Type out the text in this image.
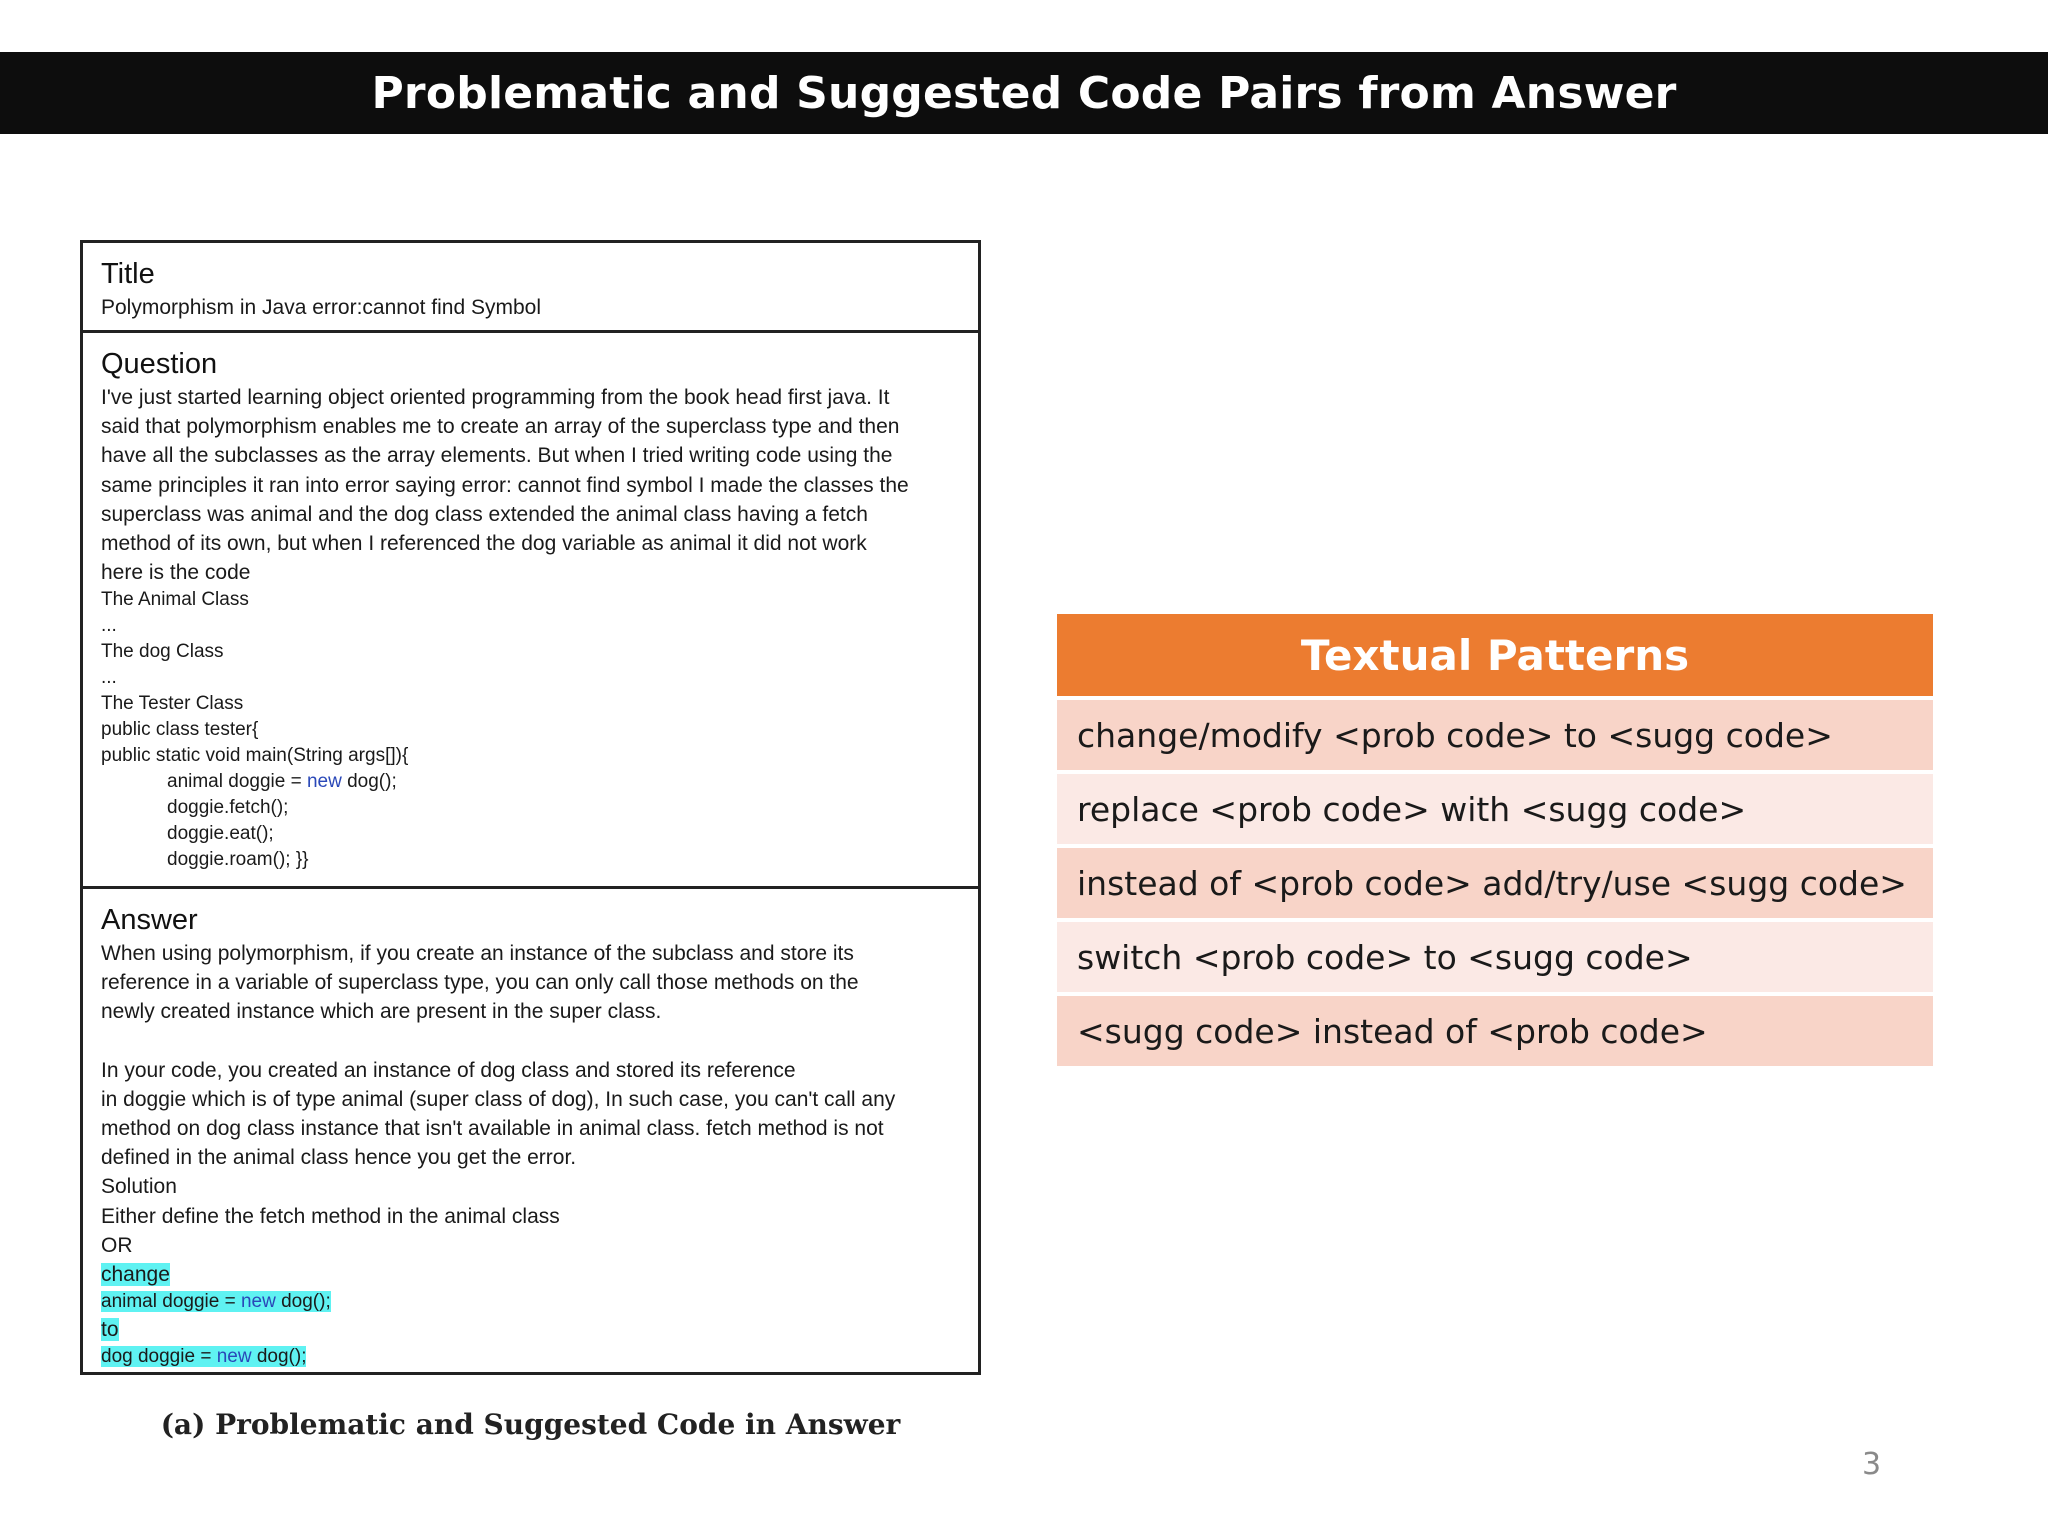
Problematic and Suggested Code Pairs from Answer
Title
Polymorphism in Java error:cannot find Symbol
Question
I've just started learning object oriented programming from the book head first java. It
said that polymorphism enables me to create an array of the superclass type and then
have all the subclasses as the array elements. But when I tried writing code using the
same principles it ran into error saying error: cannot find symbol I made the classes the
superclass was animal and the dog class extended the animal class having a fetch
method of its own, but when I referenced the dog variable as animal it did not work
here is the code
The Animal Class
...
The dog Class
...
The Tester Class
public class tester{
public static void main(String args[]){
animal doggie = new dog();
doggie.fetch();
doggie.eat();
doggie.roam(); }}
Answer
When using polymorphism, if you create an instance of the subclass and store its
reference in a variable of superclass type, you can only call those methods on the
newly created instance which are present in the super class.
In your code, you created an instance of dog class and stored its reference
in doggie which is of type animal (super class of dog), In such case, you can't call any
method on dog class instance that isn't available in animal class. fetch method is not
defined in the animal class hence you get the error.
Solution
Either define the fetch method in the animal class
OR
change
animal doggie = new dog();
to
dog doggie = new dog();
(a) Problematic and Suggested Code in Answer
Textual Patterns
change/modify <prob code> to <sugg code>
replace <prob code> with <sugg code>
instead of <prob code> add/try/use <sugg code>
switch <prob code> to <sugg code>
<sugg code> instead of <prob code>
3
